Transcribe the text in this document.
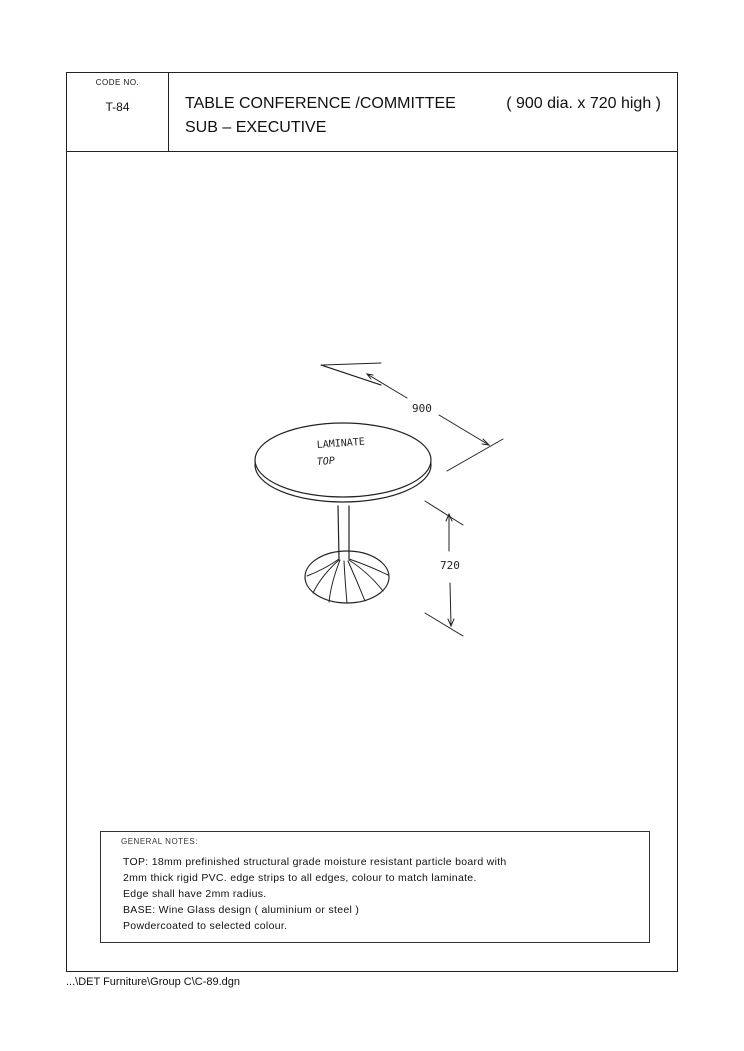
CODE NO.
T-84	TABLE CONFERENCE /COMMITTEE	( 900 dia. x 720 high )
SUB – EXECUTIVE
LAMINATE
TOP
900
720
GENERAL NOTES:
TOP: 18mm prefinished structural grade moisture resistant particle board with
2mm thick rigid PVC. edge strips to all edges, colour to match laminate.
Edge shall have 2mm radius.
BASE: Wine Glass design ( aluminium or steel )
Powdercoated to selected colour.
...\DET Furniture\Group C\C-89.dgn
